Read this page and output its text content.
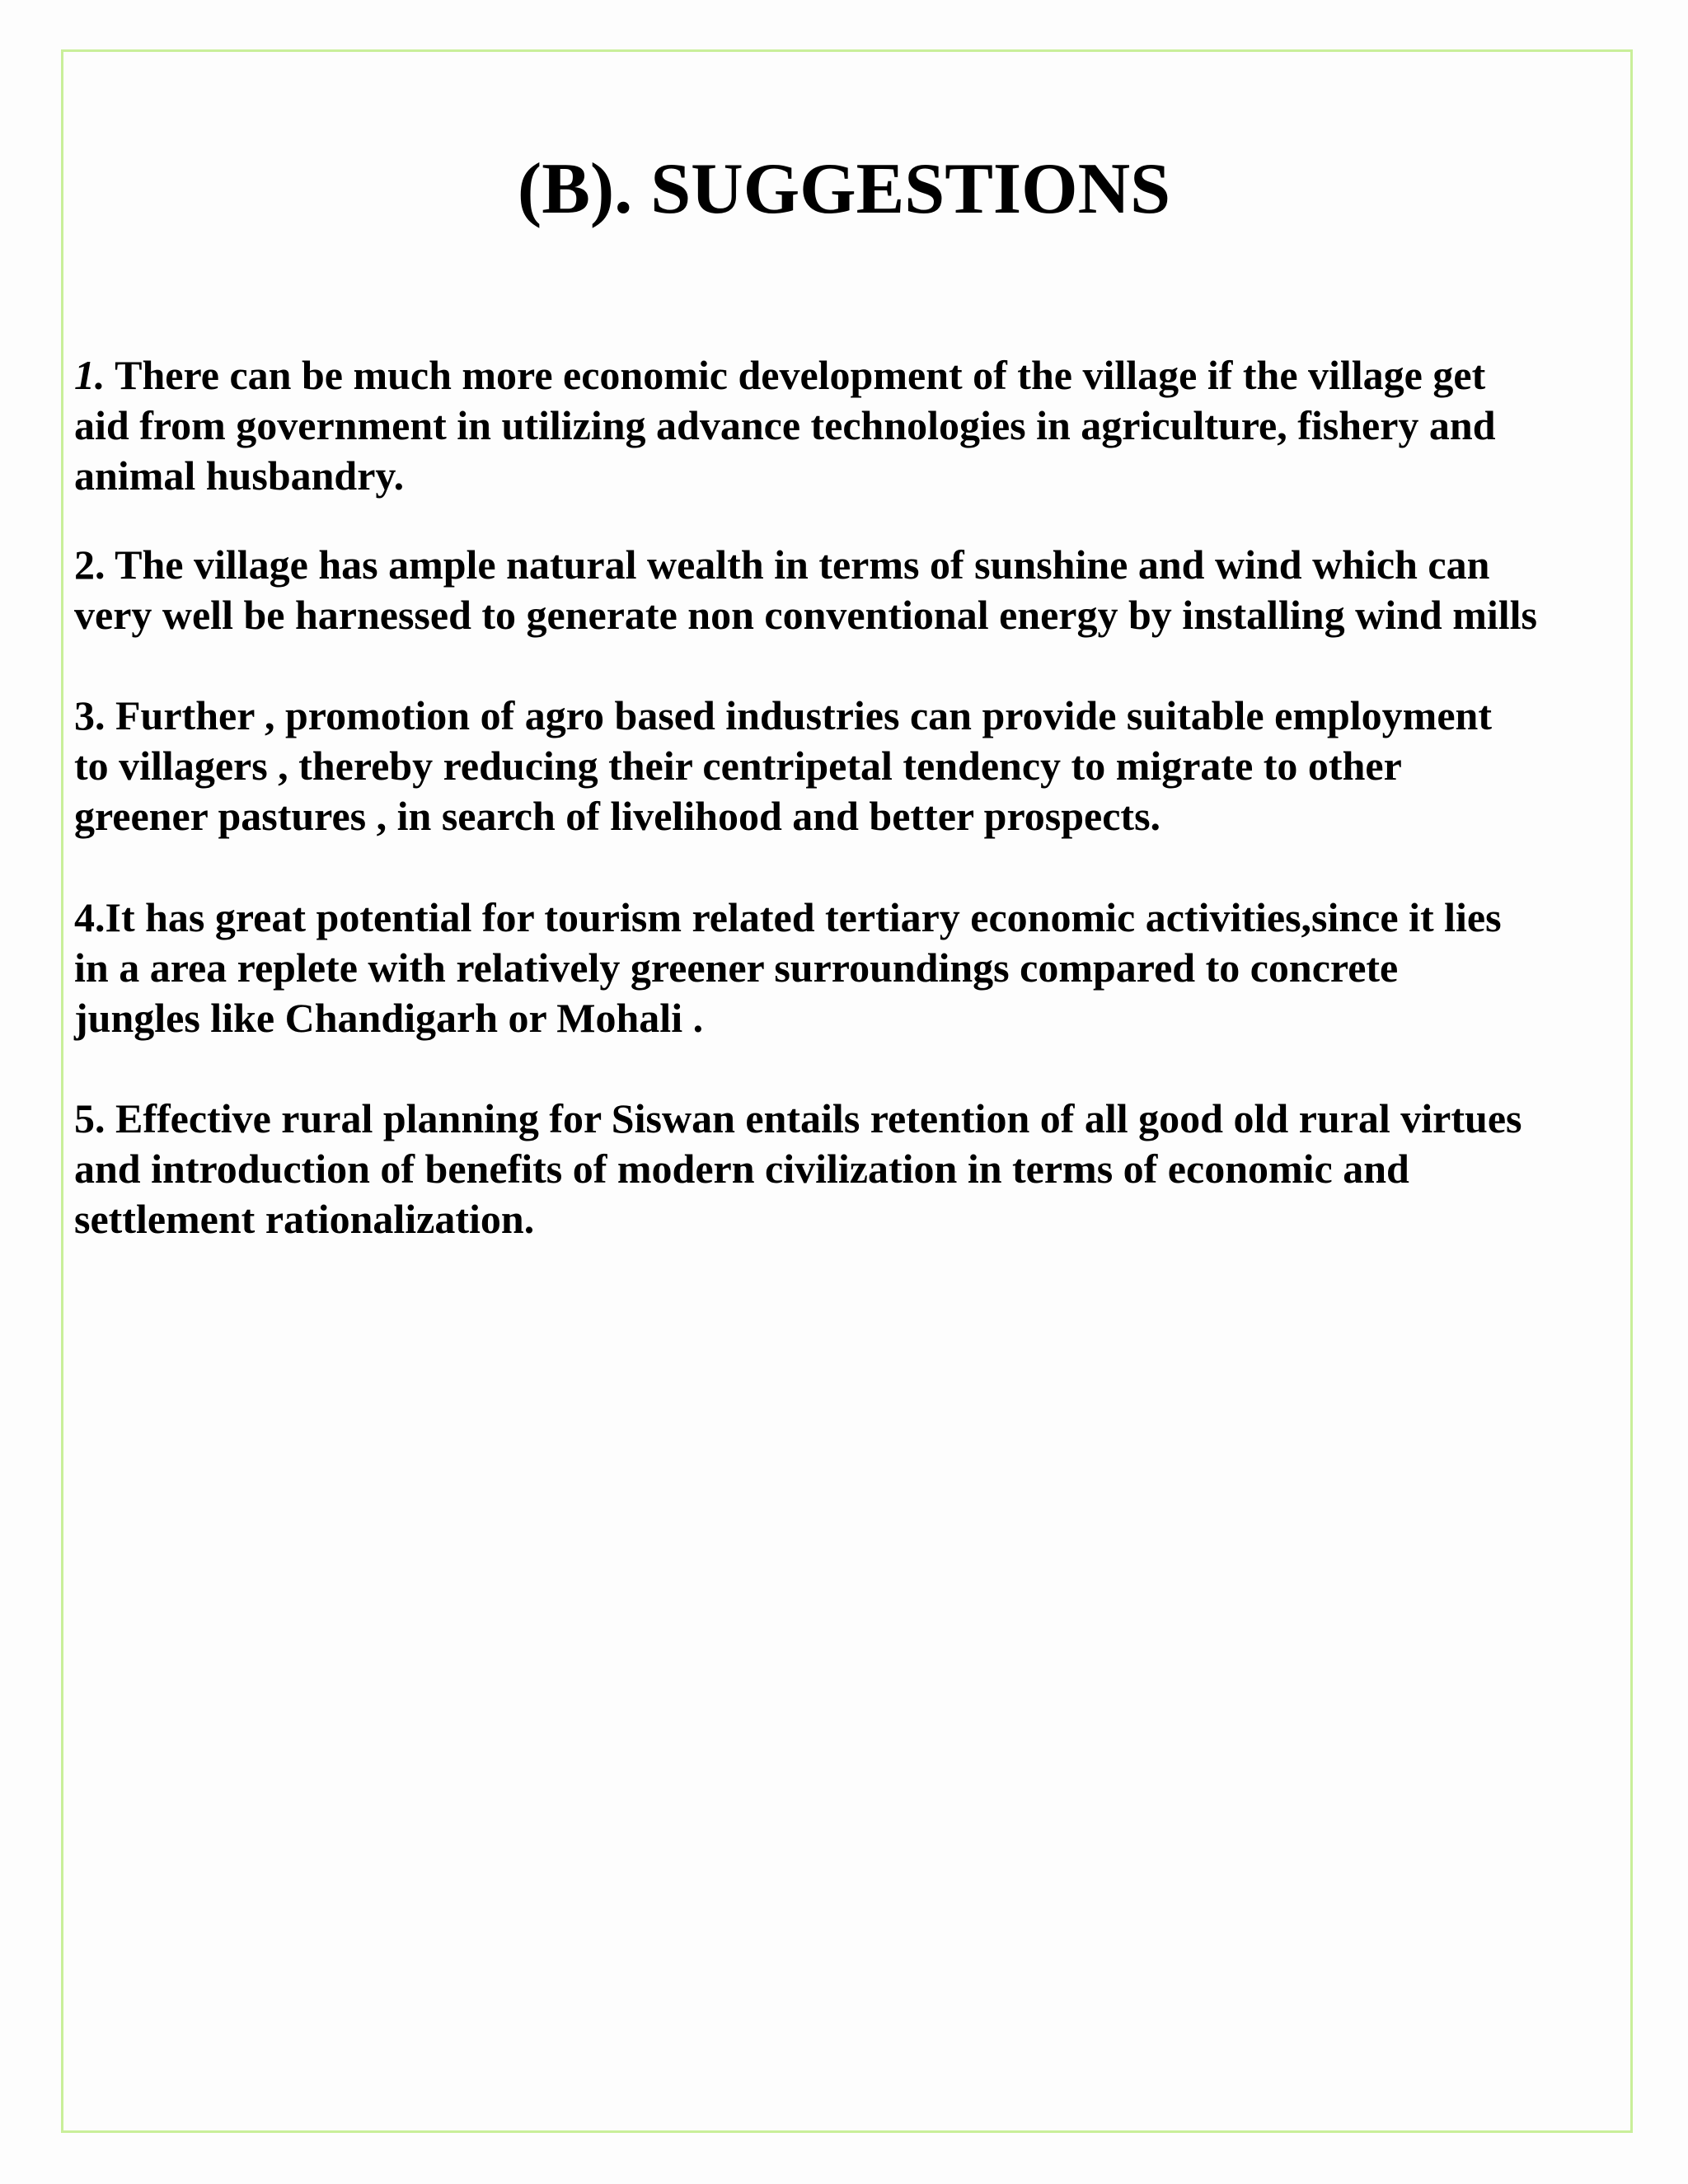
(B). SUGGESTIONS

1. There can be much more economic development of the village if the village get
aid from government in utilizing advance technologies in agriculture, fishery and
animal husbandry.

2. The village has ample natural wealth in terms of sunshine and wind which can
very well be harnessed to generate non conventional energy by installing wind mills

3. Further , promotion of agro based industries can provide suitable employment
to villagers , thereby reducing their centripetal tendency to migrate to other
greener pastures , in search of livelihood and better prospects.

4.It has great potential for tourism related tertiary economic activities,since it lies
in a area replete with relatively greener surroundings compared to concrete
jungles like Chandigarh or Mohali .

5. Effective rural planning for Siswan entails retention of all good old rural virtues
and introduction of benefits of modern civilization in terms of economic and
settlement rationalization.
